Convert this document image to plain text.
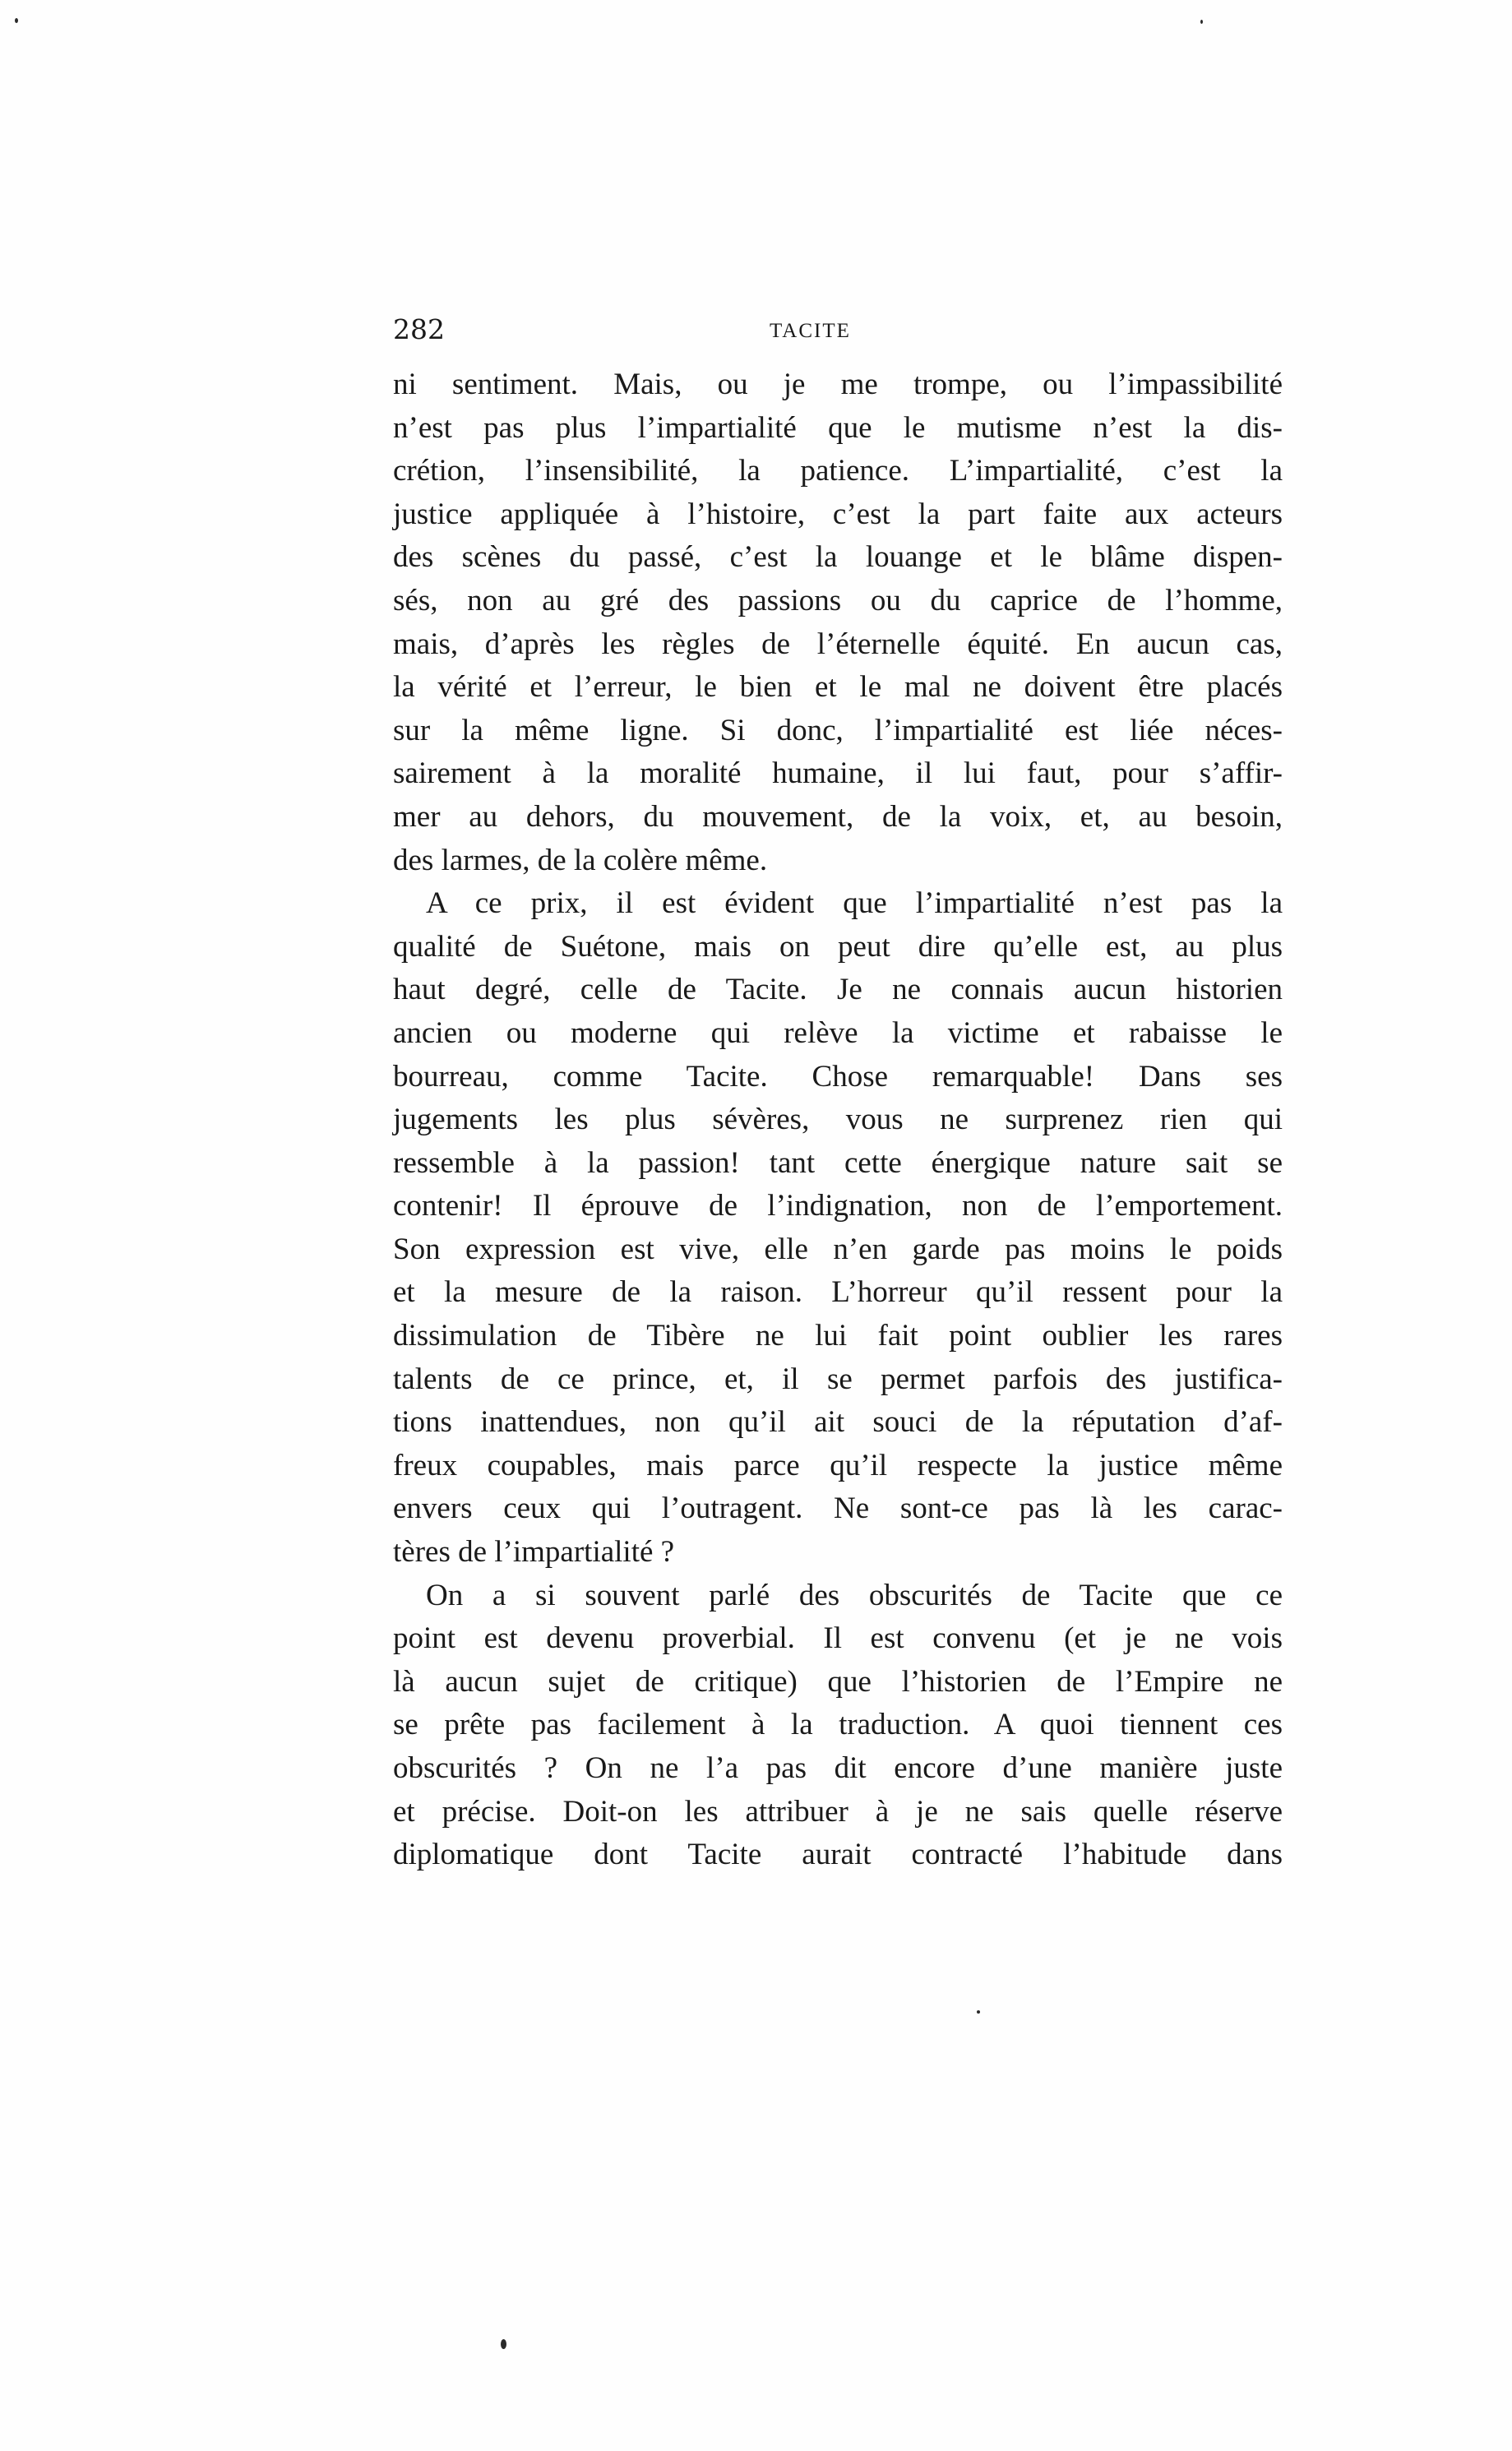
282	TACITE
ni sentiment. Mais, ou je me trompe, ou l’impassibilité
n’est pas plus l’impartialité que le mutisme n’est la dis-
crétion, l’insensibilité, la patience. L’impartialité, c’est la
justice appliquée à l’histoire, c’est la part faite aux acteurs
des scènes du passé, c’est la louange et le blâme dispen-
sés, non au gré des passions ou du caprice de l’homme,
mais, d’après les règles de l’éternelle équité. En aucun cas,
la vérité et l’erreur, le bien et le mal ne doivent être placés
sur la même ligne. Si donc, l’impartialité est liée néces-
sairement à la moralité humaine, il lui faut, pour s’affir-
mer au dehors, du mouvement, de la voix, et, au besoin,
des larmes, de la colère même.
A ce prix, il est évident que l’impartialité n’est pas la
qualité de Suétone, mais on peut dire qu’elle est, au plus
haut degré, celle de Tacite. Je ne connais aucun historien
ancien ou moderne qui relève la victime et rabaisse le
bourreau, comme Tacite. Chose remarquable! Dans ses
jugements les plus sévères, vous ne surprenez rien qui
ressemble à la passion! tant cette énergique nature sait se
contenir! Il éprouve de l’indignation, non de l’emportement.
Son expression est vive, elle n’en garde pas moins le poids
et la mesure de la raison. L’horreur qu’il ressent pour la
dissimulation de Tibère ne lui fait point oublier les rares
talents de ce prince, et, il se permet parfois des justifica-
tions inattendues, non qu’il ait souci de la réputation d’af-
freux coupables, mais parce qu’il respecte la justice même
envers ceux qui l’outragent. Ne sont-ce pas là les carac-
tères de l’impartialité ?
On a si souvent parlé des obscurités de Tacite que ce
point est devenu proverbial. Il est convenu (et je ne vois
là aucun sujet de critique) que l’historien de l’Empire ne
se prête pas facilement à la traduction. A quoi tiennent ces
obscurités ? On ne l’a pas dit encore d’une manière juste
et précise. Doit-on les attribuer à je ne sais quelle réserve
diplomatique dont Tacite aurait contracté l’habitude dans
